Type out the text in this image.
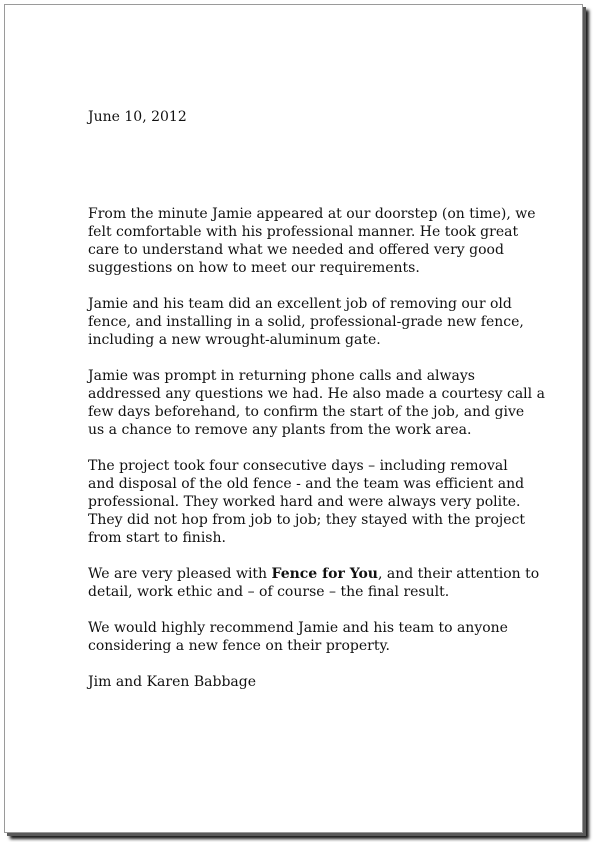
June 10, 2012

From the minute Jamie appeared at our doorstep (on time), we
felt comfortable with his professional manner. He took great
care to understand what we needed and offered very good
suggestions on how to meet our requirements.

Jamie and his team did an excellent job of removing our old
fence, and installing in a solid, professional-grade new fence,
including a new wrought-aluminum gate.

Jamie was prompt in returning phone calls and always
addressed any questions we had. He also made a courtesy call a
few days beforehand, to confirm the start of the job, and give
us a chance to remove any plants from the work area.

The project took four consecutive days – including removal
and disposal of the old fence - and the team was efficient and
professional. They worked hard and were always very polite.
They did not hop from job to job; they stayed with the project
from start to finish.

We are very pleased with Fence for You, and their attention to
detail, work ethic and – of course – the final result.

We would highly recommend Jamie and his team to anyone
considering a new fence on their property.

Jim and Karen Babbage
